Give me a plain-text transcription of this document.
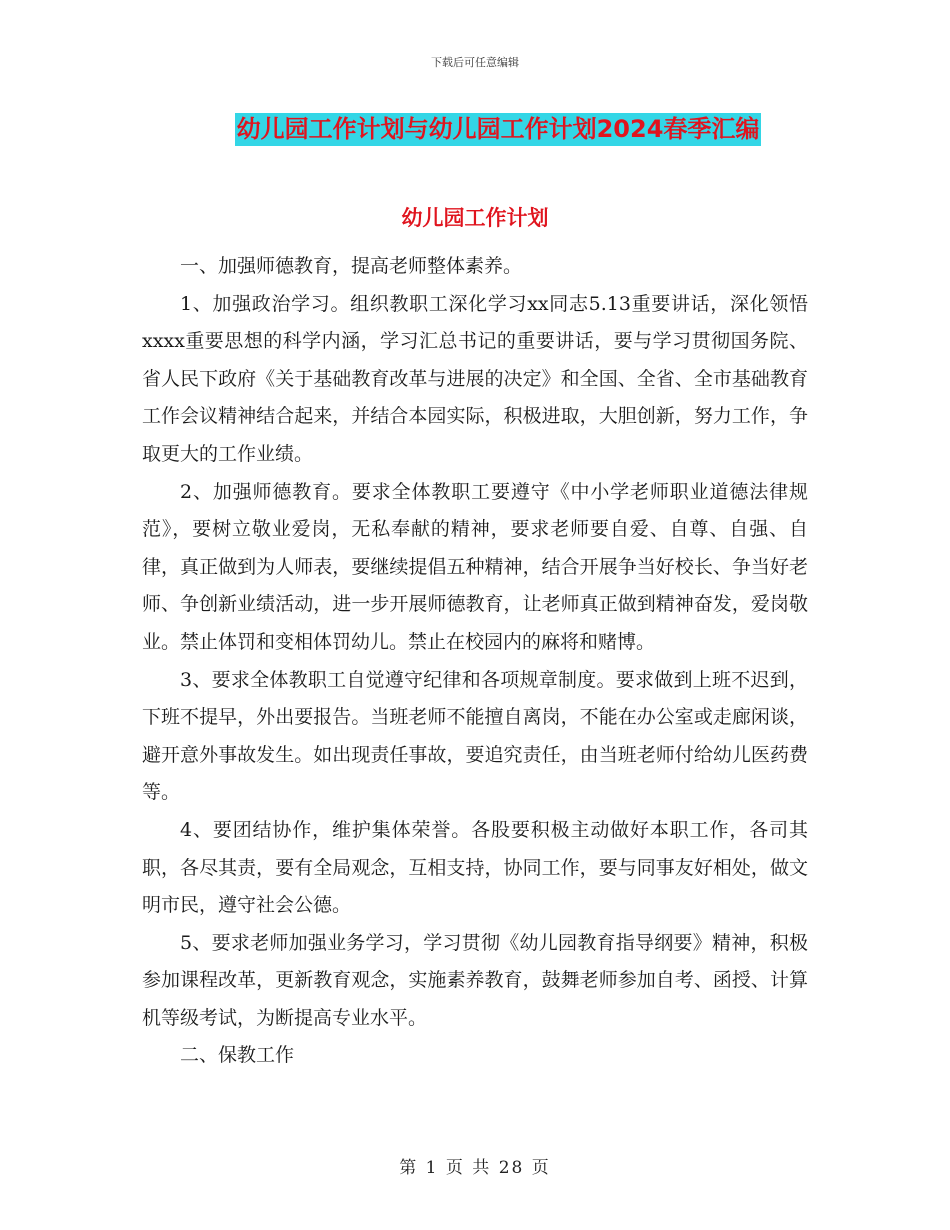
下载后可任意编辑
幼儿园工作计划与幼儿园工作计划2024春季汇编
幼儿园工作计划

一、加强师德教育，提高老师整体素养。

1、加强政治学习。组织教职工深化学习xx同志5.13重要讲话，深化领悟xxxx重要思想的科学内涵，学习汇总书记的重要讲话，要与学习贯彻国务院、省人民下政府《关于基础教育改革与进展的决定》和全国、全省、全市基础教育工作会议精神结合起来，并结合本园实际，积极进取，大胆创新，努力工作，争取更大的工作业绩。

2、加强师德教育。要求全体教职工要遵守《中小学老师职业道德法律规范》，要树立敬业爱岗，无私奉献的精神，要求老师要自爱、自尊、自强、自律，真正做到为人师表，要继续提倡五种精神，结合开展争当好校长、争当好老师、争创新业绩活动，进一步开展师德教育，让老师真正做到精神奋发，爱岗敬业。禁止体罚和变相体罚幼儿。禁止在校园内的麻将和赌博。

3、要求全体教职工自觉遵守纪律和各项规章制度。要求做到上班不迟到，下班不提早，外出要报告。当班老师不能擅自离岗，不能在办公室或走廊闲谈，避开意外事故发生。如出现责任事故，要追究责任，由当班老师付给幼儿医药费等。

4、要团结协作，维护集体荣誉。各股要积极主动做好本职工作，各司其职，各尽其责，要有全局观念，互相支持，协同工作，要与同事友好相处，做文明市民，遵守社会公德。

5、要求老师加强业务学习，学习贯彻《幼儿园教育指导纲要》精神，积极参加课程改革，更新教育观念，实施素养教育，鼓舞老师参加自考、函授、计算机等级考试，为断提高专业水平。

二、保教工作

第 1 页 共 28 页
